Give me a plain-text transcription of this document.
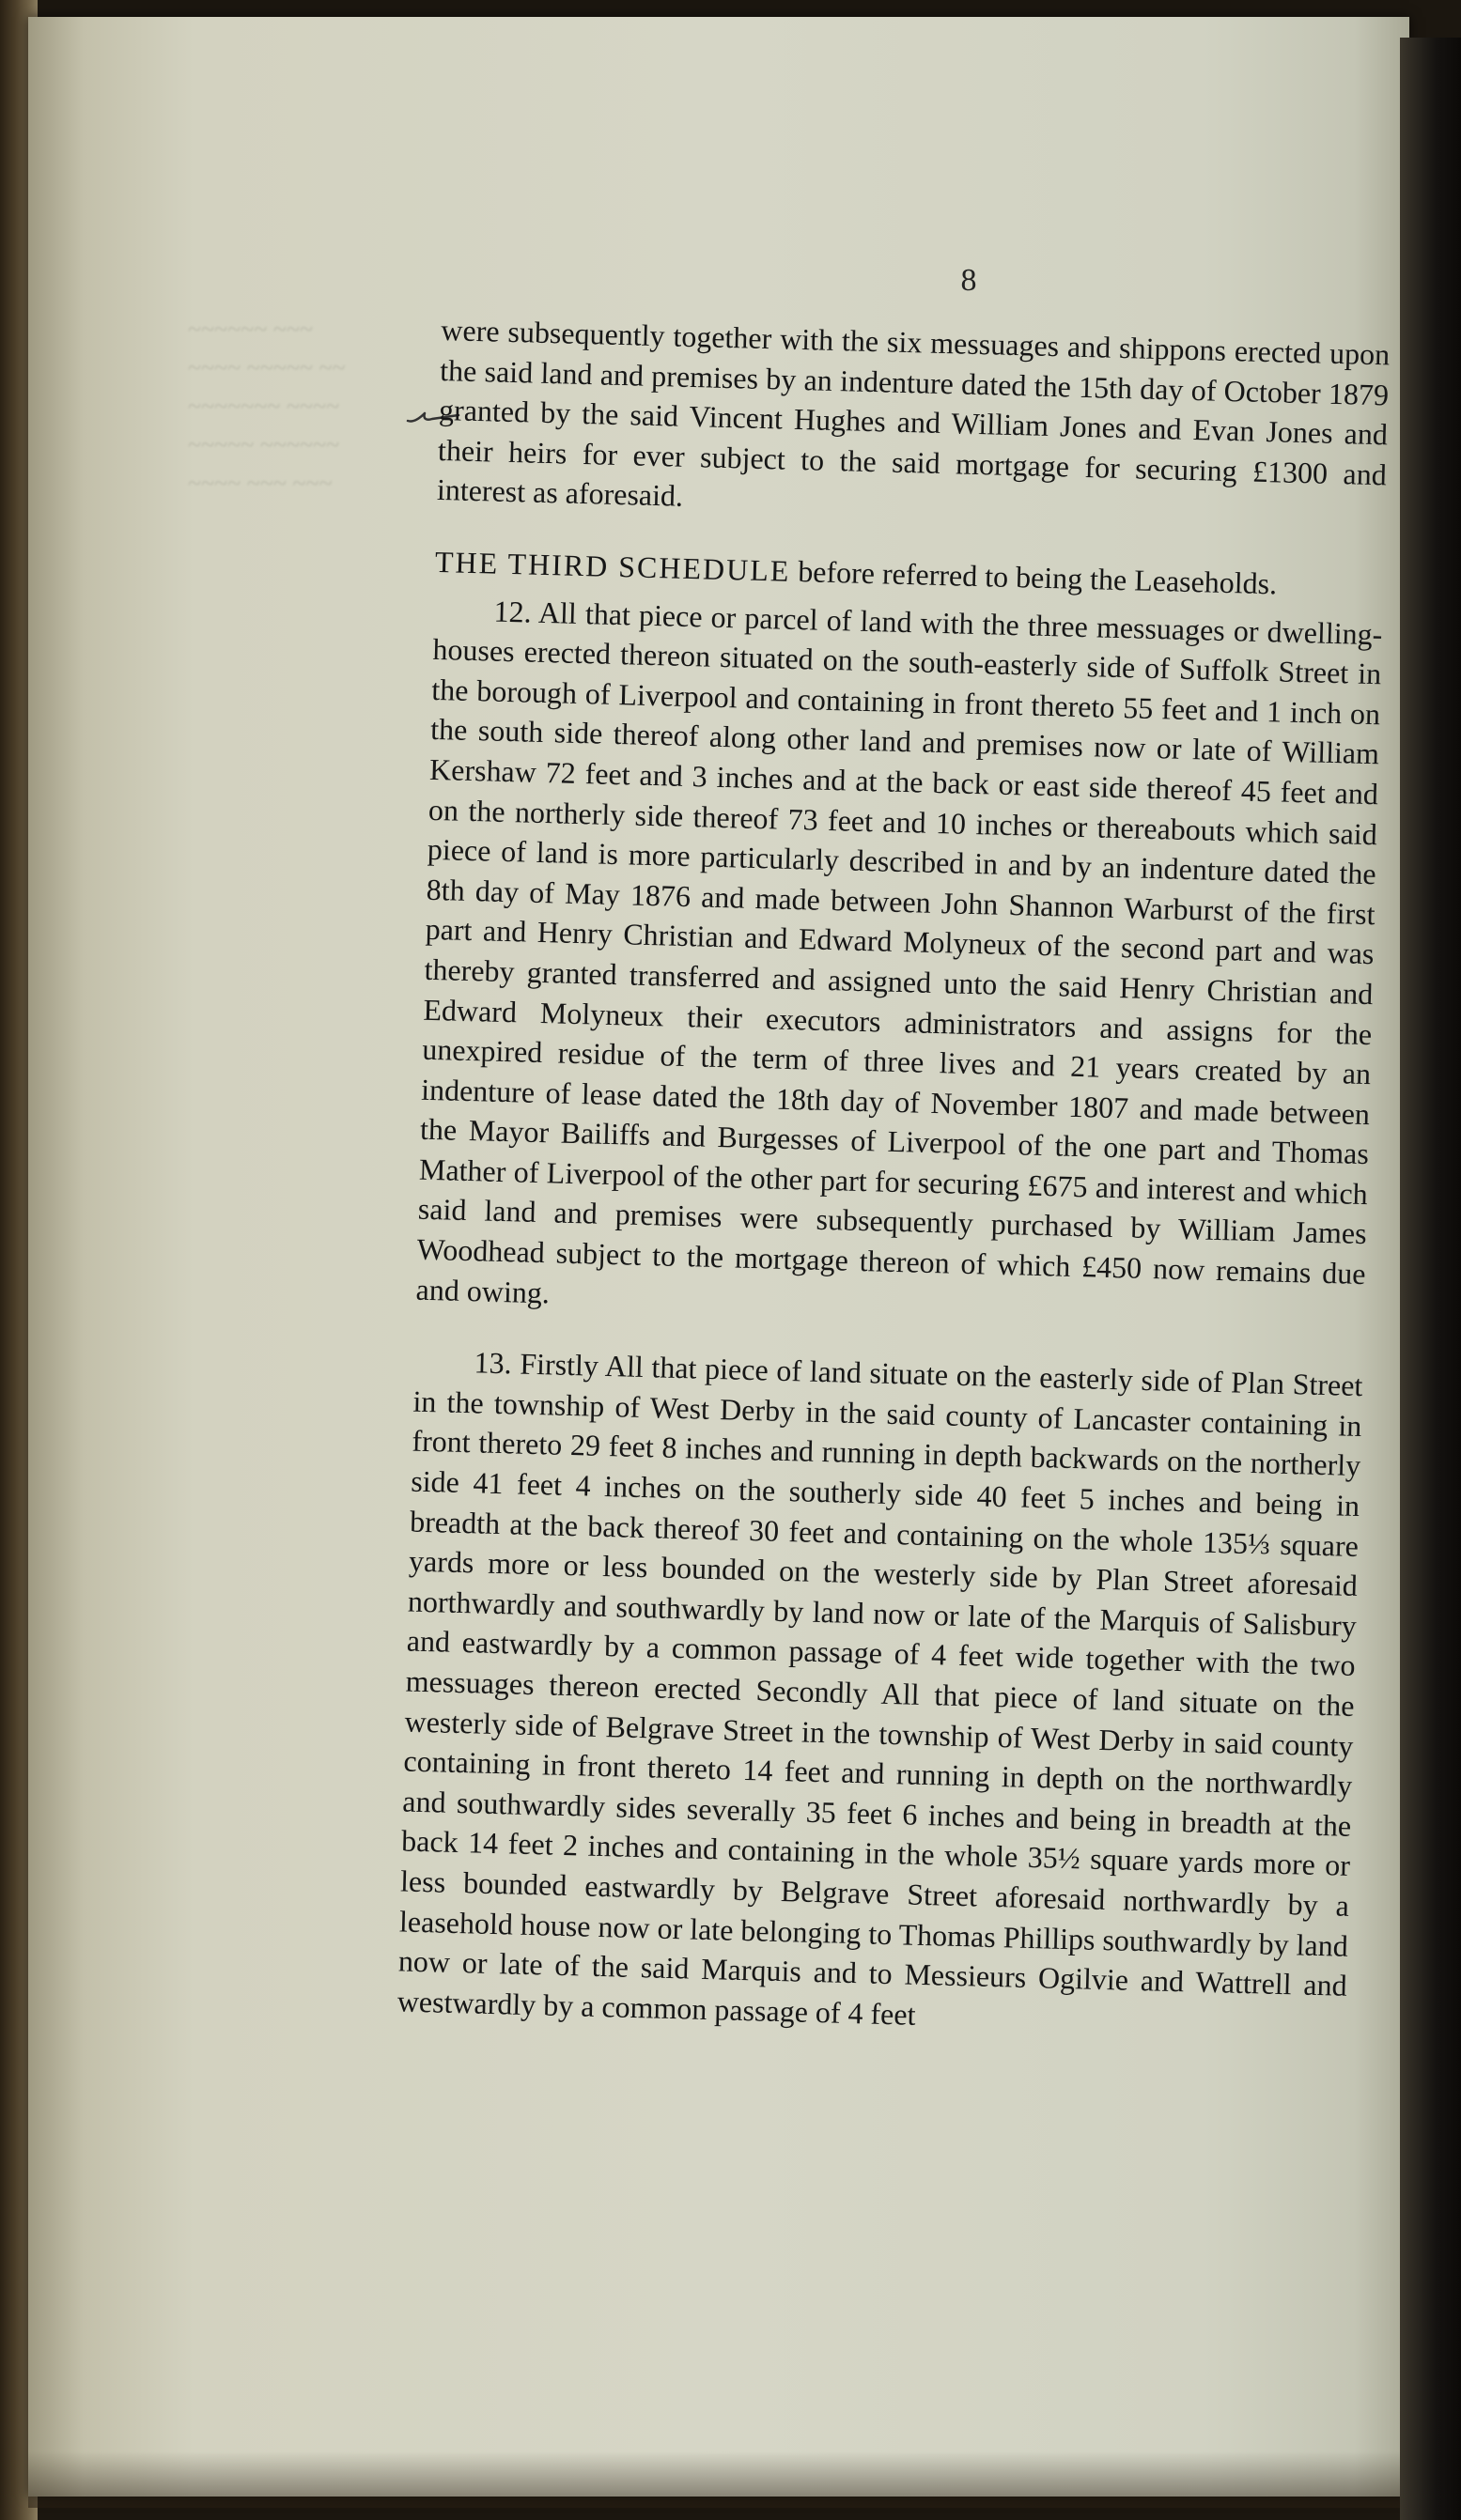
~~~~~~ ~~~
~~~~ ~~~~~ ~~
~~~~~~~ ~~~~
~~~~~ ~~~~~~
~~~~ ~~~ ~~~
8

were subsequently together with the six messuages and shippons erected upon the said land and premises by an indenture dated the 15th day of October 1879 granted by the said Vincent Hughes and William Jones and Evan Jones and their heirs for ever subject to the said mortgage for securing £1300 and interest as aforesaid.

THE THIRD SCHEDULE before referred to being the Leaseholds.

12. All that piece or parcel of land with the three messuages or dwelling-houses erected thereon situated on the south-easterly side of Suffolk Street in the borough of Liverpool and containing in front thereto 55 feet and 1 inch on the south side thereof along other land and premises now or late of William Kershaw 72 feet and 3 inches and at the back or east side thereof 45 feet and on the northerly side thereof 73 feet and 10 inches or thereabouts which said piece of land is more particularly described in and by an indenture dated the 8th day of May 1876 and made between John Shannon Warburst of the first part and Henry Christian and Edward Molyneux of the second part and was thereby granted transferred and assigned unto the said Henry Christian and Edward Molyneux their executors administrators and assigns for the unexpired residue of the term of three lives and 21 years created by an indenture of lease dated the 18th day of November 1807 and made between the Mayor Bailiffs and Burgesses of Liverpool of the one part and Thomas Mather of Liverpool of the other part for securing £675 and interest and which said land and premises were subsequently purchased by William James Woodhead subject to the mortgage thereon of which £450 now remains due and owing.

13. Firstly All that piece of land situate on the easterly side of Plan Street in the township of West Derby in the said county of Lancaster containing in front thereto 29 feet 8 inches and running in depth backwards on the northerly side 41 feet 4 inches on the southerly side 40 feet 5 inches and being in breadth at the back thereof 30 feet and containing on the whole 135⅓ square yards more or less bounded on the westerly side by Plan Street aforesaid northwardly and southwardly by land now or late of the Marquis of Salisbury and eastwardly by a common passage of 4 feet wide together with the two messuages thereon erected Secondly All that piece of land situate on the westerly side of Belgrave Street in the township of West Derby in said county containing in front thereto 14 feet and running in depth on the northwardly and southwardly sides severally 35 feet 6 inches and being in breadth at the back 14 feet 2 inches and containing in the whole 35½ square yards more or less bounded eastwardly by Belgrave Street aforesaid northwardly by a leasehold house now or late belonging to Thomas Phillips southwardly by land now or late of the said Marquis and to Messieurs Ogilvie and Wattrell and westwardly by a common passage of 4 feet
